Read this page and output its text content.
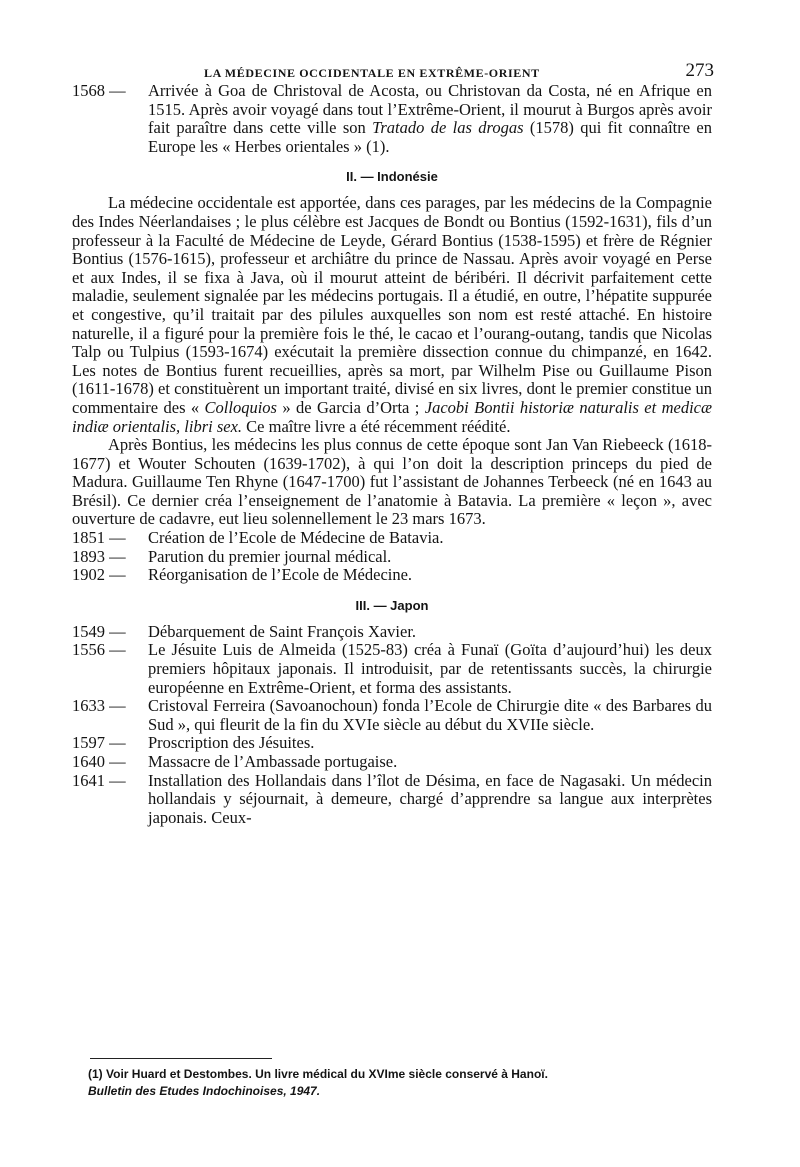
LA MÉDECINE OCCIDENTALE EN EXTRÊME-ORIENT	273
1568 —	Arrivée à Goa de Christoval de Acosta, ou Christovan da Costa, né en Afrique en 1515. Après avoir voyagé dans tout l’Extrême-Orient, il mourut à Burgos après avoir fait paraître dans cette ville son Tratado de las drogas (1578) qui fit connaître en Europe les « Herbes orientales » (1).
II. — Indonésie

La médecine occidentale est apportée, dans ces parages, par les médecins de la Compagnie des Indes Néerlandaises ; le plus célèbre est Jacques de Bondt ou Bontius (1592-1631), fils d’un professeur à la Faculté de Médecine de Leyde, Gérard Bontius (1538-1595) et frère de Régnier Bontius (1576-1615), professeur et archiâtre du prince de Nassau. Après avoir voyagé en Perse et aux Indes, il se fixa à Java, où il mourut atteint de béribéri. Il décrivit parfaitement cette maladie, seulement signalée par les médecins portugais. Il a étudié, en outre, l’hépatite suppurée et congestive, qu’il traitait par des pilules auxquelles son nom est resté attaché. En histoire naturelle, il a figuré pour la première fois le thé, le cacao et l’ourang-outang, tandis que Nicolas Talp ou Tulpius (1593-1674) exécutait la première dissection connue du chimpanzé, en 1642. Les notes de Bontius furent recueillies, après sa mort, par Wilhelm Pise ou Guillaume Pison (1611-1678) et constituèrent un important traité, divisé en six livres, dont le premier constitue un commentaire des « Colloquios » de Garcia d’Orta ; Jacobi Bontii historiæ naturalis et medicæ indiæ orientalis, libri sex. Ce maître livre a été récemment réédité.

Après Bontius, les médecins les plus connus de cette époque sont Jan Van Riebeeck (1618-1677) et Wouter Schouten (1639-1702), à qui l’on doit la description princeps du pied de Madura. Guillaume Ten Rhyne (1647-1700) fut l’assistant de Johannes Terbeeck (né en 1643 au Brésil). Ce dernier créa l’enseignement de l’anatomie à Batavia. La première « leçon », avec ouverture de cadavre, eut lieu solennellement le 23 mars 1673.

1851 —	Création de l’Ecole de Médecine de Batavia.
1893 —	Parution du premier journal médical.
1902 —	Réorganisation de l’Ecole de Médecine.
III. — Japon
1549 —	Débarquement de Saint François Xavier.
1556 —	Le Jésuite Luis de Almeida (1525-83) créa à Funaï (Goïta d’aujourd’hui) les deux premiers hôpitaux japonais. Il introduisit, par de retentissants succès, la chirurgie européenne en Extrême-Orient, et forma des assistants.
1633 —	Cristoval Ferreira (Savoanochoun) fonda l’Ecole de Chirurgie dite « des Barbares du Sud », qui fleurit de la fin du XVIe siècle au début du XVIIe siècle.
1597 —	Proscription des Jésuites.
1640 —	Massacre de l’Ambassade portugaise.
1641 —	Installation des Hollandais dans l’îlot de Désima, en face de Nagasaki. Un médecin hollandais y séjournait, à demeure, chargé d’apprendre sa langue aux interprètes japonais. Ceux-
(1) Voir Huard et Destombes. Un livre médical du XVIme siècle conservé à Hanoï.
Bulletin des Etudes Indochinoises, 1947.
